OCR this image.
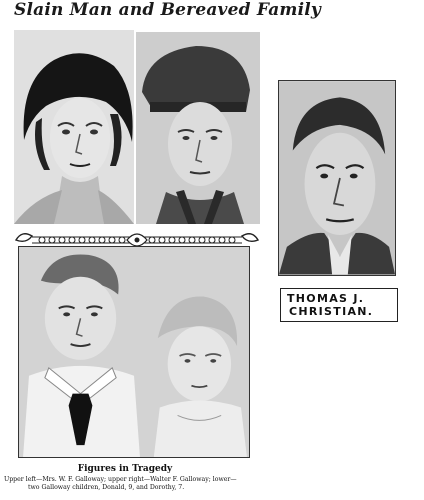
Slain Man and Bereaved Family
THOMAS J.
CHRISTIAN.
Figures in Tragedy
Upper left—Mrs. W. F. Galloway; upper right—Walter F. Galloway; lower—
two Galloway children, Donald, 9, and Dorothy, 7.
